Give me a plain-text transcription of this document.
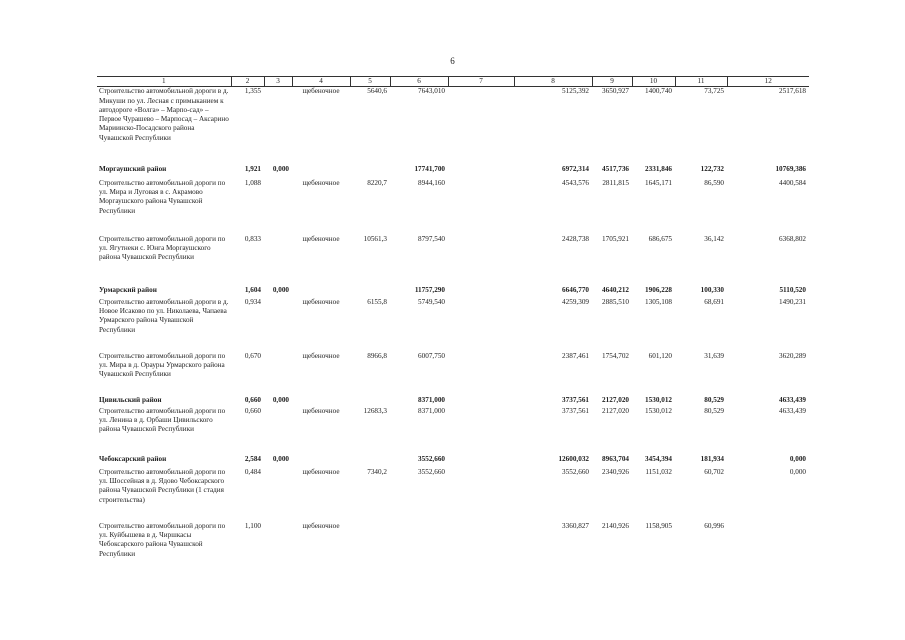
6
1	2	3	4	5	6	7	8	9	10	11	12
Строительство автомобильной дороги в д. Микуши по ул. Лесная с примыканием к автодороге «Волга» – Марпо-сад» – Первое Чурашево – Марпосад – Аксарино Мариинско-Посадского района Чувашской Республики	1,355		щебеночное	5640,6	7643,010		5125,392	3650,927	1400,740	73,725	2517,618
Моргаушский район	1,921	0,000			17741,700		6972,314	4517,736	2331,846	122,732	10769,386
Строительство автомобильной дороги по ул. Мира и Луговая в с. Акрамово Моргаушского района Чувашской Республики	1,088		щебеночное	8220,7	8944,160		4543,576	2811,815	1645,171	86,590	4400,584
Строительство автомобильной дороги по ул. Ягутнеки с. Юнга Моргаушского района Чувашской Республики	0,833		щебеночное	10561,3	8797,540		2428,738	1705,921	686,675	36,142	6368,802
Урмарский район	1,604	0,000			11757,290		6646,770	4640,212	1906,228	100,330	5110,520
Строительство автомобильной дороги в д. Новое Исаково по ул. Николаева, Чапаева Урмарского района Чувашской Республики	0,934		щебеночное	6155,8	5749,540		4259,309	2885,510	1305,108	68,691	1490,231
Строительство автомобильной дороги по ул. Мира в д. Орауры Урмарского района Чувашской Республики	0,670		щебеночное	8966,8	6007,750		2387,461	1754,702	601,120	31,639	3620,289
Цивильский район	0,660	0,000			8371,000		3737,561	2127,020	1530,012	80,529	4633,439
Строительство автомобильной дороги по ул. Ленина в д. Орбаши Цивильского района Чувашской Республики	0,660		щебеночное	12683,3	8371,000		3737,561	2127,020	1530,012	80,529	4633,439
Чебоксарский район	2,584	0,000			3552,660		12600,032	8963,704	3454,394	181,934	0,000
Строительство автомобильной дороги по ул. Шоссейная в д. Ядово Чебоксарского района Чувашской Республики (1 стадия строительства)	0,484		щебеночное	7340,2	3552,660		3552,660	2340,926	1151,032	60,702	0,000
Строительство автомобильной дороги по ул. Куйбышева в д. Чиршкасы Чебоксарского района Чувашской Республики	1,100		щебеночное				3360,827	2140,926	1158,905	60,996	
